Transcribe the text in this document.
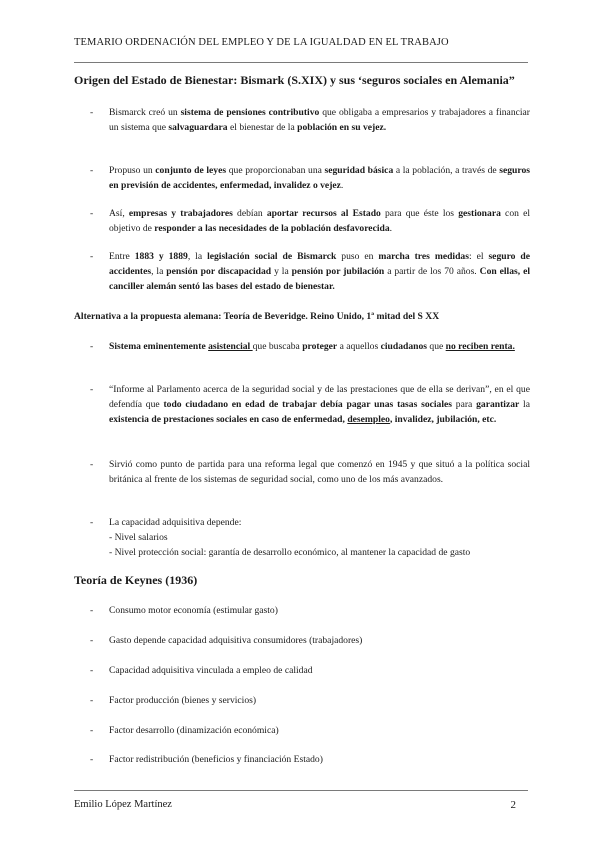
TEMARIO ORDENACIÓN DEL EMPLEO Y DE LA IGUALDAD EN EL TRABAJO
Origen del Estado de Bienestar: Bismark (S.XIX) y sus ‘seguros sociales en Alemania”
- Bismarck creó un sistema de pensiones contributivo que obligaba a empresarios y trabajadores a financiar un sistema que salvaguardara el bienestar de la población en su vejez.
- Propuso un conjunto de leyes que proporcionaban una seguridad básica a la población, a través de seguros en previsión de accidentes, enfermedad, invalidez o vejez.
- Así, empresas y trabajadores debían aportar recursos al Estado para que éste los gestionara con el objetivo de responder a las necesidades de la población desfavorecida.
- Entre 1883 y 1889, la legislación social de Bismarck puso en marcha tres medidas: el seguro de accidentes, la pensión por discapacidad y la pensión por jubilación a partir de los 70 años. Con ellas, el canciller alemán sentó las bases del estado de bienestar.
Alternativa a la propuesta alemana: Teoría de Beveridge. Reino Unido, 1ª mitad del S XX
- Sistema eminentemente asistencial que buscaba proteger a aquellos ciudadanos que no reciben renta.
- “Informe al Parlamento acerca de la seguridad social y de las prestaciones que de ella se derivan”, en el que defendía que todo ciudadano en edad de trabajar debía pagar unas tasas sociales para garantizar la existencia de prestaciones sociales en caso de enfermedad, desempleo, invalidez, jubilación, etc.
- Sirvió como punto de partida para una reforma legal que comenzó en 1945 y que situó a la política social británica al frente de los sistemas de seguridad social, como uno de los más avanzados.
- La capacidad adquisitiva depende:
- Nivel salarios
- Nivel protección social: garantía de desarrollo económico, al mantener la capacidad de gasto
Teoría de Keynes (1936)
- Consumo motor economía (estimular gasto)
- Gasto depende capacidad adquisitiva consumidores (trabajadores)
- Capacidad adquisitiva vinculada a empleo de calidad
- Factor producción (bienes y servicios)
- Factor desarrollo (dinamización económica)
- Factor redistribución (beneficios y financiación Estado)
Emilio López Martínez	2
